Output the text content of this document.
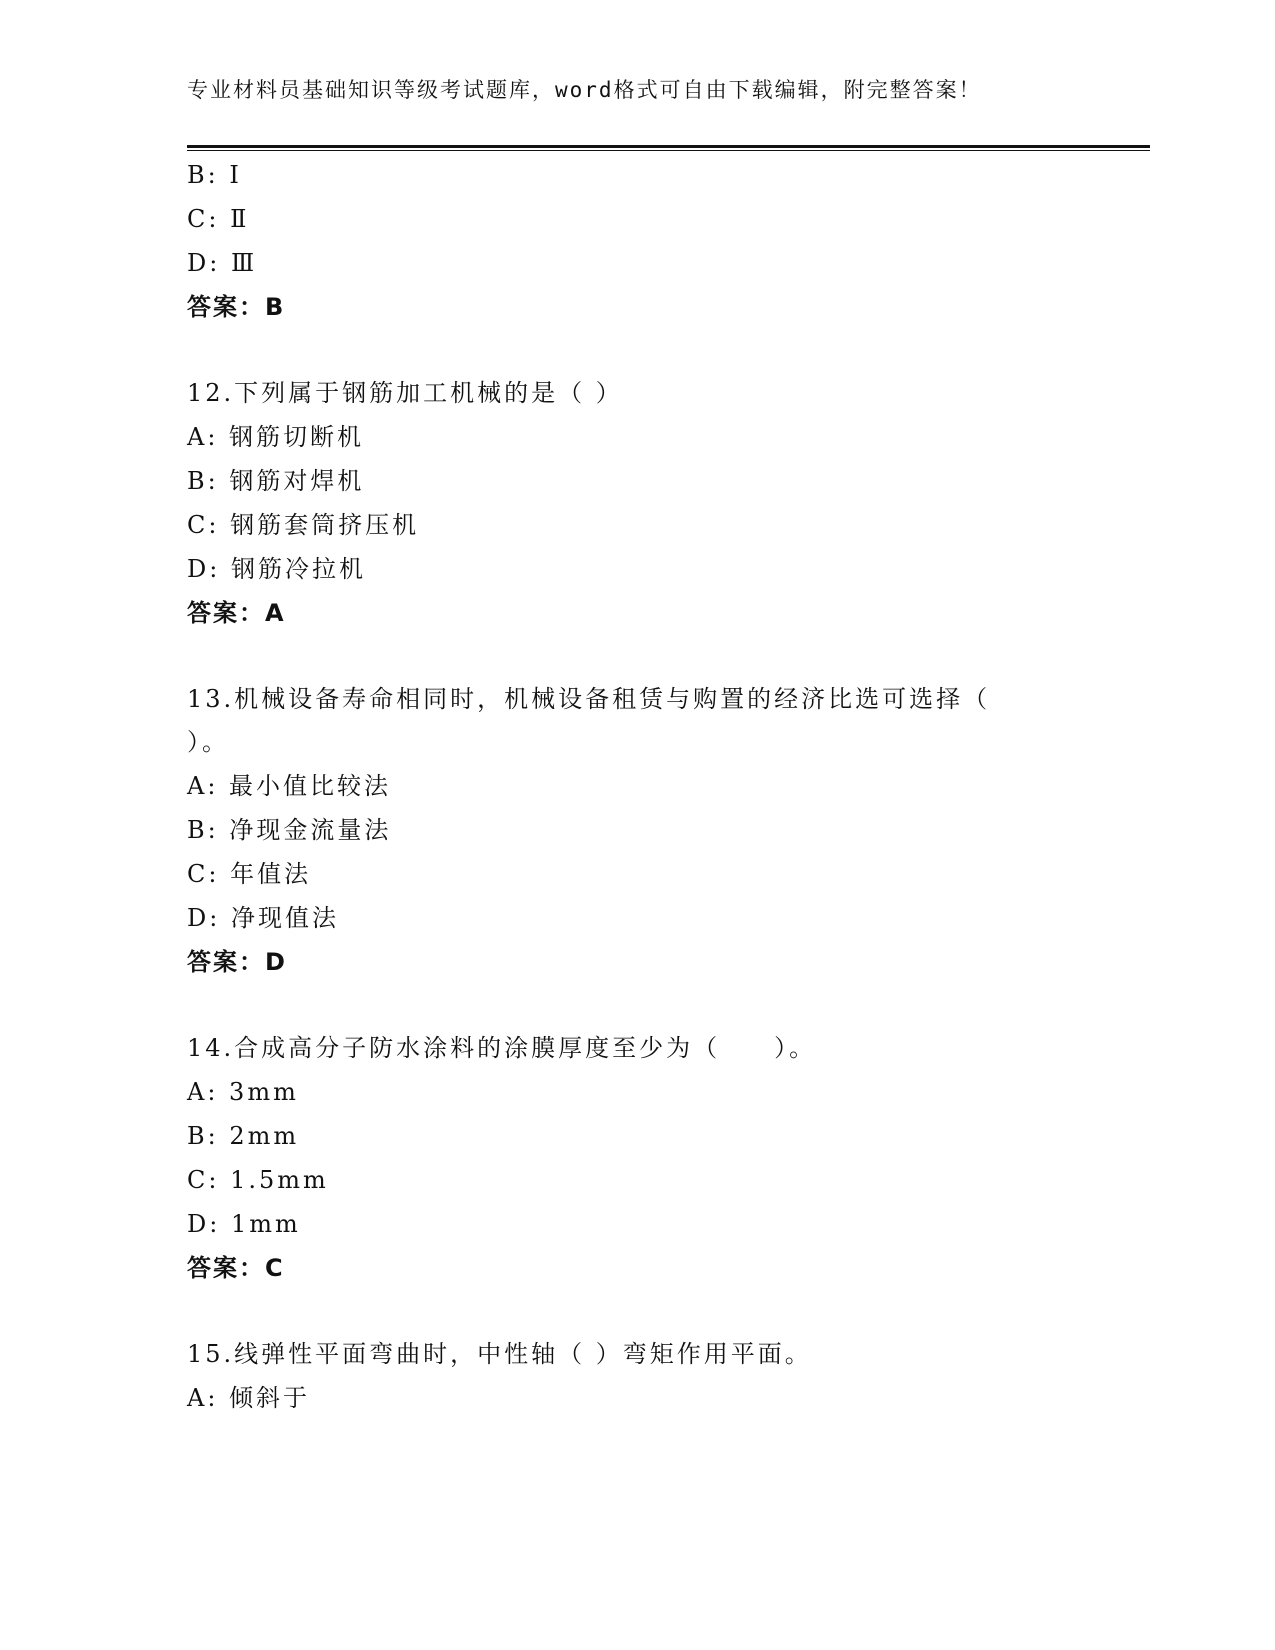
专业材料员基础知识等级考试题库，word格式可自由下载编辑，附完整答案！
B: Ⅰ
C: Ⅱ
D: Ⅲ
答案：B
12.下列属于钢筋加工机械的是（ ）
A: 钢筋切断机
B: 钢筋对焊机
C: 钢筋套筒挤压机
D: 钢筋冷拉机
答案：A
13.机械设备寿命相同时，机械设备租赁与购置的经济比选可选择（
）。
A: 最小值比较法
B: 净现金流量法
C: 年值法
D: 净现值法
答案：D
14.合成高分子防水涂料的涂膜厚度至少为（　　）。
A: 3mm
B: 2mm
C: 1.5mm
D: 1mm
答案：C
15.线弹性平面弯曲时，中性轴（ ）弯矩作用平面。
A: 倾斜于
